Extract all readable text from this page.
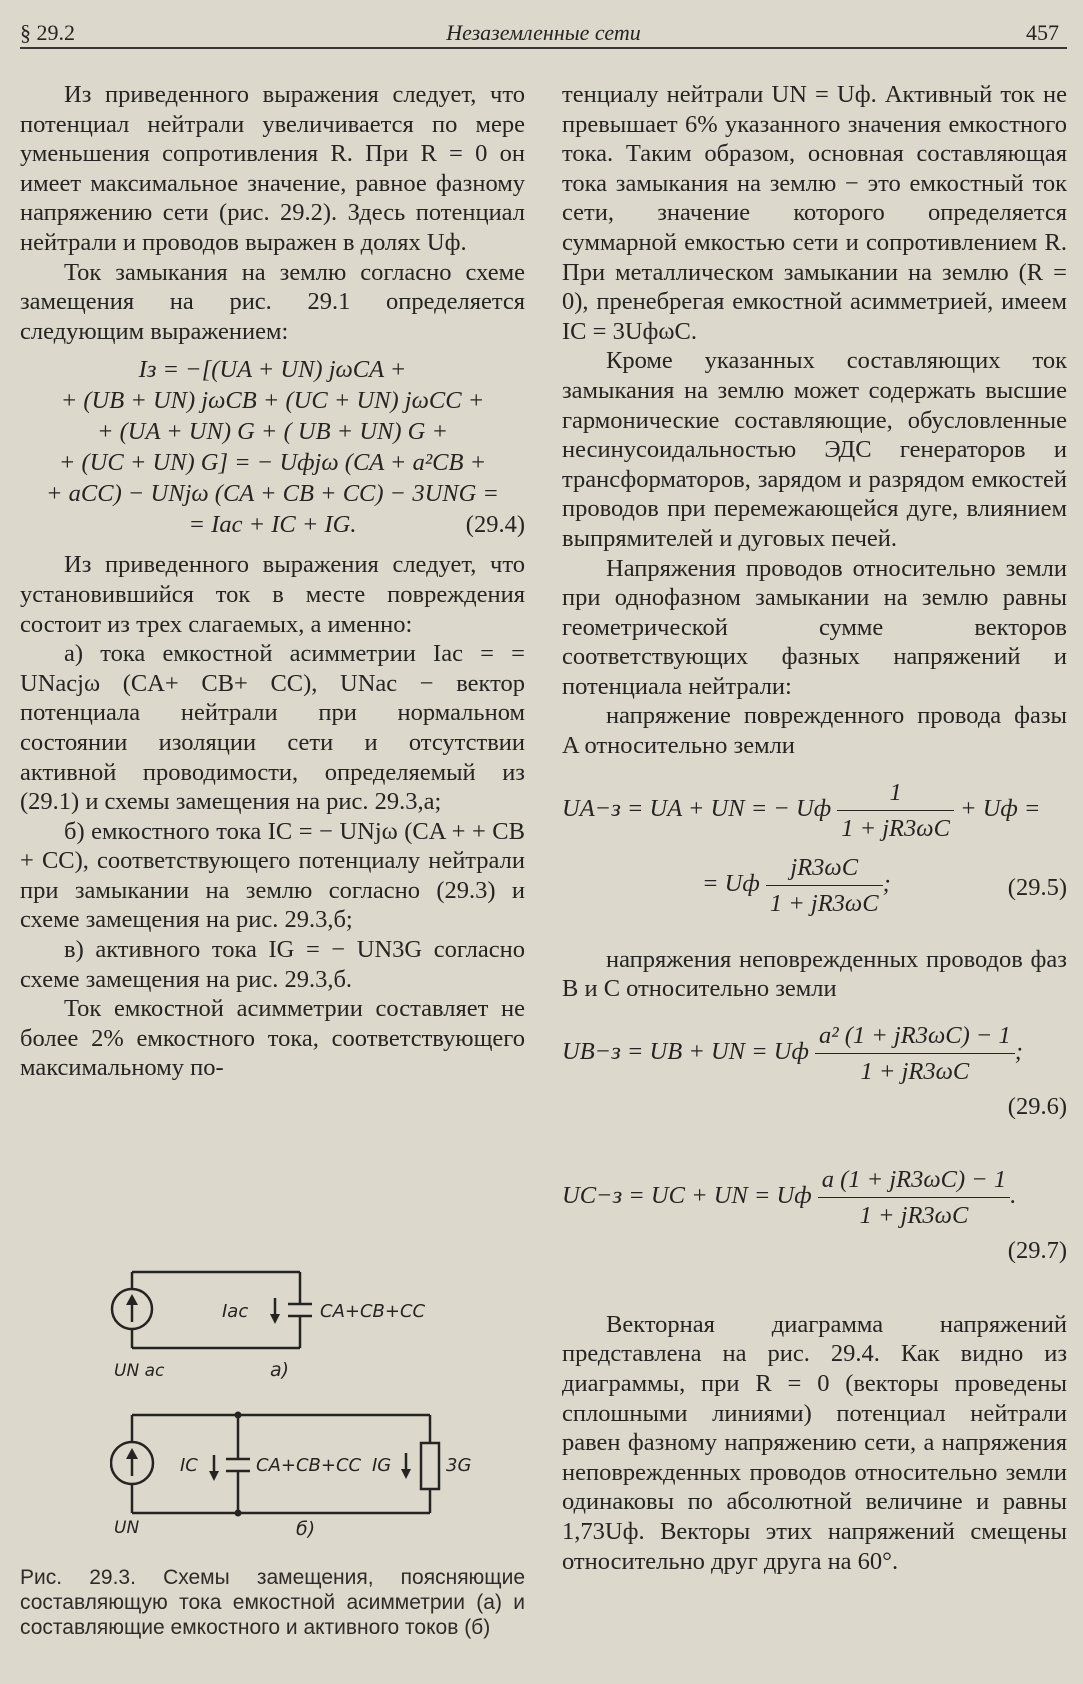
§ 29.2	Незаземленные сети	457

Из приведенного выражения следует, что потенциал нейтрали увеличивается по мере уменьшения сопротивления R. При R = 0 он имеет максимальное значение, равное фазному напряжению сети (рис. 29.2). Здесь потенциал нейтрали и проводов выражен в долях Uф.

Ток замыкания на землю согласно схеме замещения на рис. 29.1 определяется следующим выражением:

Iз = −[(UA + UN) jωCA +
+ (UB + UN) jωCB + (UC + UN) jωCC +
+ (UA + UN) G + ( UB + UN) G +
+ (UC + UN) G] = − Uфjω (CA + a²CB +
+ aCC) − UNjω (CA + CB + CC) − 3UNG =
= Iac + IC + IG.	(29.4)

Из приведенного выражения следует, что установившийся ток в месте повреждения состоит из трех слагаемых, а именно:

а) тока емкостной асимметрии Iac = = UNacjω (CA+ CB+ CC), UNac − вектор потенциала нейтрали при нормальном состоянии изоляции сети и отсутствии активной проводимости, определяемый из (29.1) и схемы замещения на рис. 29.3,а;

б) емкостного тока IC = − UNjω (CA + + CB + CC), соответствующего потенциалу нейтрали при замыкании на землю согласно (29.3) и схеме замещения на рис. 29.3,б;

в) активного тока IG = − UN3G согласно схеме замещения на рис. 29.3,б.

Ток емкостной асимметрии составляет не более 2% емкостного тока, соответствующего максимальному по-

UN ac
Iac	CA+CB+CC
а)
UN
IC	CA+CB+CC IG	3G
б)
Рис. 29.3. Схемы замещения, поясняющие составляющую тока емкостной асимметрии (а) и составляющие емкостного и активного токов (б)

тенциалу нейтрали UN = Uф. Активный ток не превышает 6% указанного значения емкостного тока. Таким образом, основная составляющая тока замыкания на землю − это емкостный ток сети, значение которого определяется суммарной емкостью сети и сопротивлением R. При металлическом замыкании на землю (R = 0), пренебрегая емкостной асимметрией, имеем IC = 3UфωC.

Кроме указанных составляющих ток замыкания на землю может содержать высшие гармонические составляющие, обусловленные несинусоидальностью ЭДС генераторов и трансформаторов, зарядом и разрядом емкостей проводов при перемежающейся дуге, влиянием выпрямителей и дуговых печей.

Напряжения проводов относительно земли при однофазном замыкании на землю равны геометрической сумме векторов соответствующих фазных напряжений и потенциала нейтрали:

напряжение поврежденного провода фазы A относительно земли

UA−з = UA + UN = − Uф $\frac{1}{1 + jR3\omega C}$ + Uф =
= Uф $\frac{jR3\omega C}{1 + jR3\omega C}$ ;	(29.5)

напряжения неповрежденных проводов фаз B и C относительно земли

UB−з = UB + UN = Uф $\frac{\text{a² (1 + jR3ωC) − 1}}{1 + jR3\omega C}$ ;
(29.6)
UC−з = UC + UN = Uф $\frac{a (1 + jR3\omega C) - 1}{1 + jR3\omega C}$ .
(29.7)

Векторная диаграмма напряжений представлена на рис. 29.4. Как видно из диаграммы, при R = 0 (векторы проведены сплошными линиями) потенциал нейтрали равен фазному напряжению сети, а напряжения неповрежденных проводов относительно земли одинаковы по абсолютной величине и равны 1,73Uф. Векторы этих напряжений смещены относительно друг друга на 60°.
